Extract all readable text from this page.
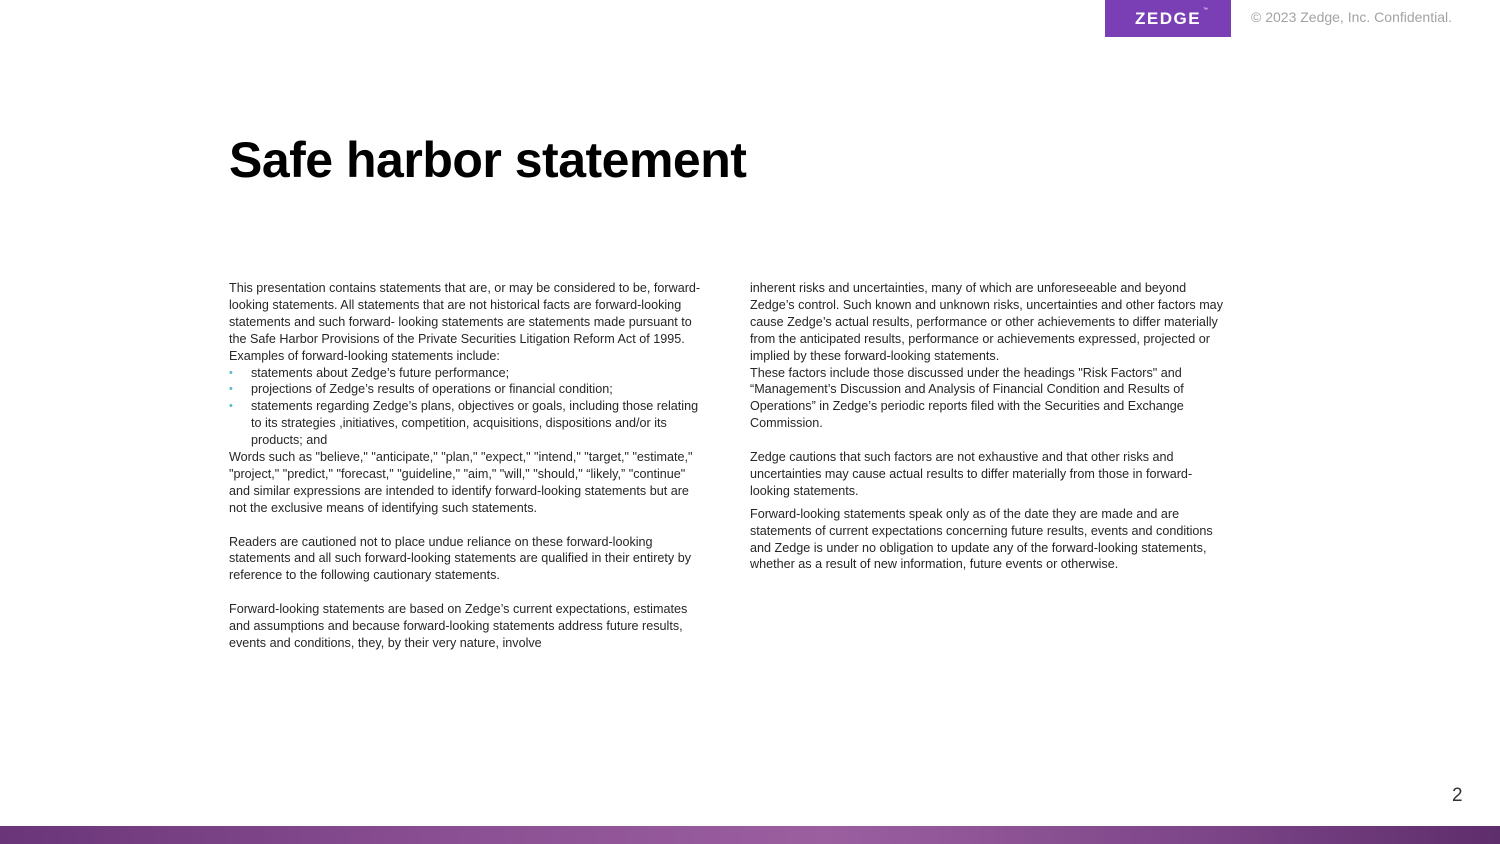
ZEDGE ™	© 2023 Zedge, Inc. Confidential.
Safe harbor statement

This presentation contains statements that are, or may be considered to be, forward-looking statements. All statements that are not historical facts are forward-looking statements and such forward- looking statements are statements made pursuant to the Safe Harbor Provisions of the Private Securities Litigation Reform Act of 1995. Examples of forward-looking statements include:

• statements about Zedge’s future performance;
• projections of Zedge’s results of operations or financial condition;
• statements regarding Zedge’s plans, objectives or goals, including those relating to its strategies ,initiatives, competition, acquisitions, dispositions and/or its products; and

Words such as "believe," "anticipate," "plan," "expect," "intend," "target," "estimate," "project," "predict," "forecast," "guideline," "aim," "will," "should," “likely,” "continue" and similar expressions are intended to identify forward-looking statements but are not the exclusive means of identifying such statements.

Readers are cautioned not to place undue reliance on these forward-looking statements and all such forward-looking statements are qualified in their entirety by reference to the following cautionary statements.

Forward-looking statements are based on Zedge’s current expectations, estimates and assumptions and because forward-looking statements address future results, events and conditions, they, by their very nature, involve

inherent risks and uncertainties, many of which are unforeseeable and beyond Zedge’s control. Such known and unknown risks, uncertainties and other factors may cause Zedge’s actual results, performance or other achievements to differ materially from the anticipated results, performance or achievements expressed, projected or implied by these forward-looking statements.

These factors include those discussed under the headings "Risk Factors" and “Management’s Discussion and Analysis of Financial Condition and Results of Operations” in Zedge’s periodic reports filed with the Securities and Exchange Commission.

Zedge cautions that such factors are not exhaustive and that other risks and uncertainties may cause actual results to differ materially from those in forward-looking statements.

Forward-looking statements speak only as of the date they are made and are statements of current expectations concerning future results, events and conditions and Zedge is under no obligation to update any of the forward-looking statements, whether as a result of new information, future events or otherwise.

2
